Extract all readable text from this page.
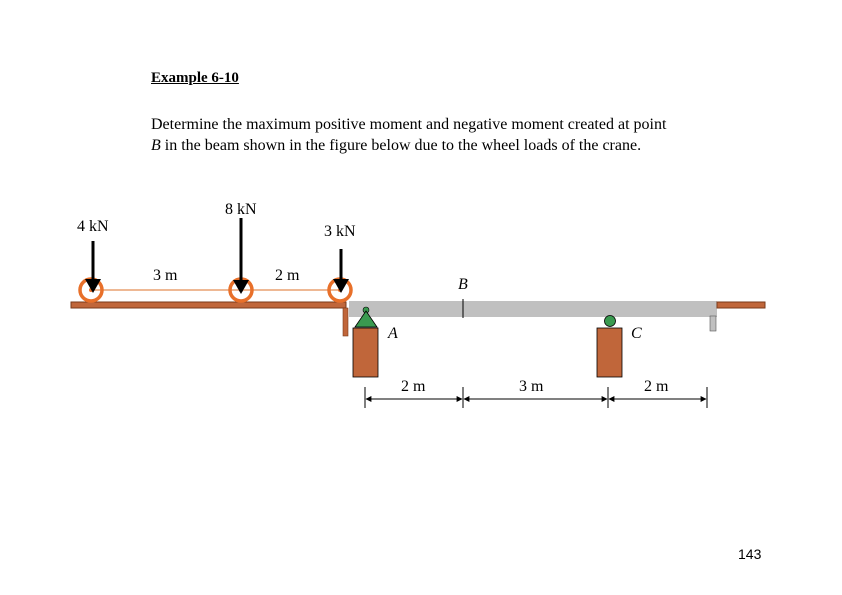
Example 6-10
Determine the maximum positive moment and negative moment created at point
B in the beam shown in the figure below due to the wheel loads of the crane.
4 kN
8 kN
3 kN
3 m	2 m
B
A	C
2 m	3 m	2 m
143
